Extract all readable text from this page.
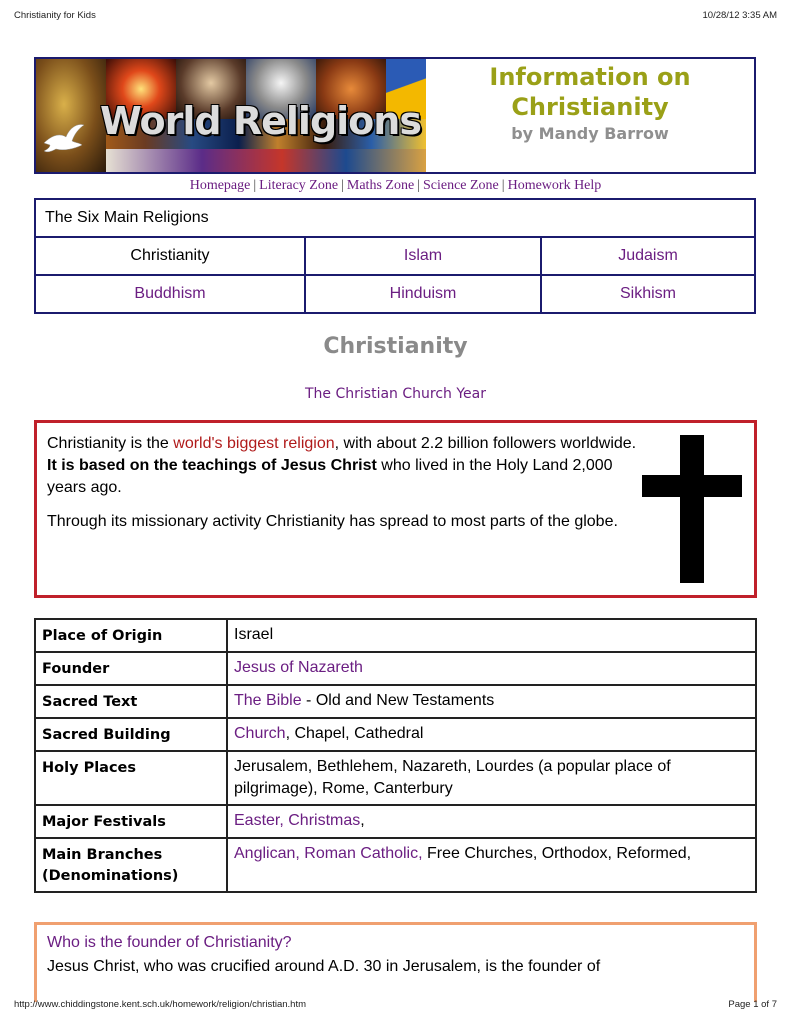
Christianity for Kids	10/28/12 3:35 AM
World Religions
Information on
Christianity
by Mandy Barrow
Homepage | Literacy Zone | Maths Zone | Science Zone | Homework Help
The Six Main Religions		
Christianity	Islam	Judaism
Buddhism	Hinduism	Sikhism
Christianity
The Christian Church Year

Christianity is the world's biggest religion, with about 2.2 billion followers worldwide. It is based on the teachings of Jesus Christ who lived in the Holy Land 2,000 years ago.

Through its missionary activity Christianity has spread to most parts of the globe.

Place of Origin	Israel
Founder	Jesus of Nazareth
Sacred Text	The Bible - Old and New Testaments
Sacred Building	Church, Chapel, Cathedral
Holy Places	Jerusalem, Bethlehem, Nazareth, Lourdes (a popular place of pilgrimage), Rome, Canterbury
Major Festivals	Easter, Christmas,
Main Branches (Denominations)	Anglican, Roman Catholic, Free Churches, Orthodox, Reformed,
Who is the founder of Christianity?
Jesus Christ, who was crucified around A.D. 30 in Jerusalem, is the founder of
http://www.chiddingstone.kent.sch.uk/homework/religion/christian.htm	Page 1 of 7
